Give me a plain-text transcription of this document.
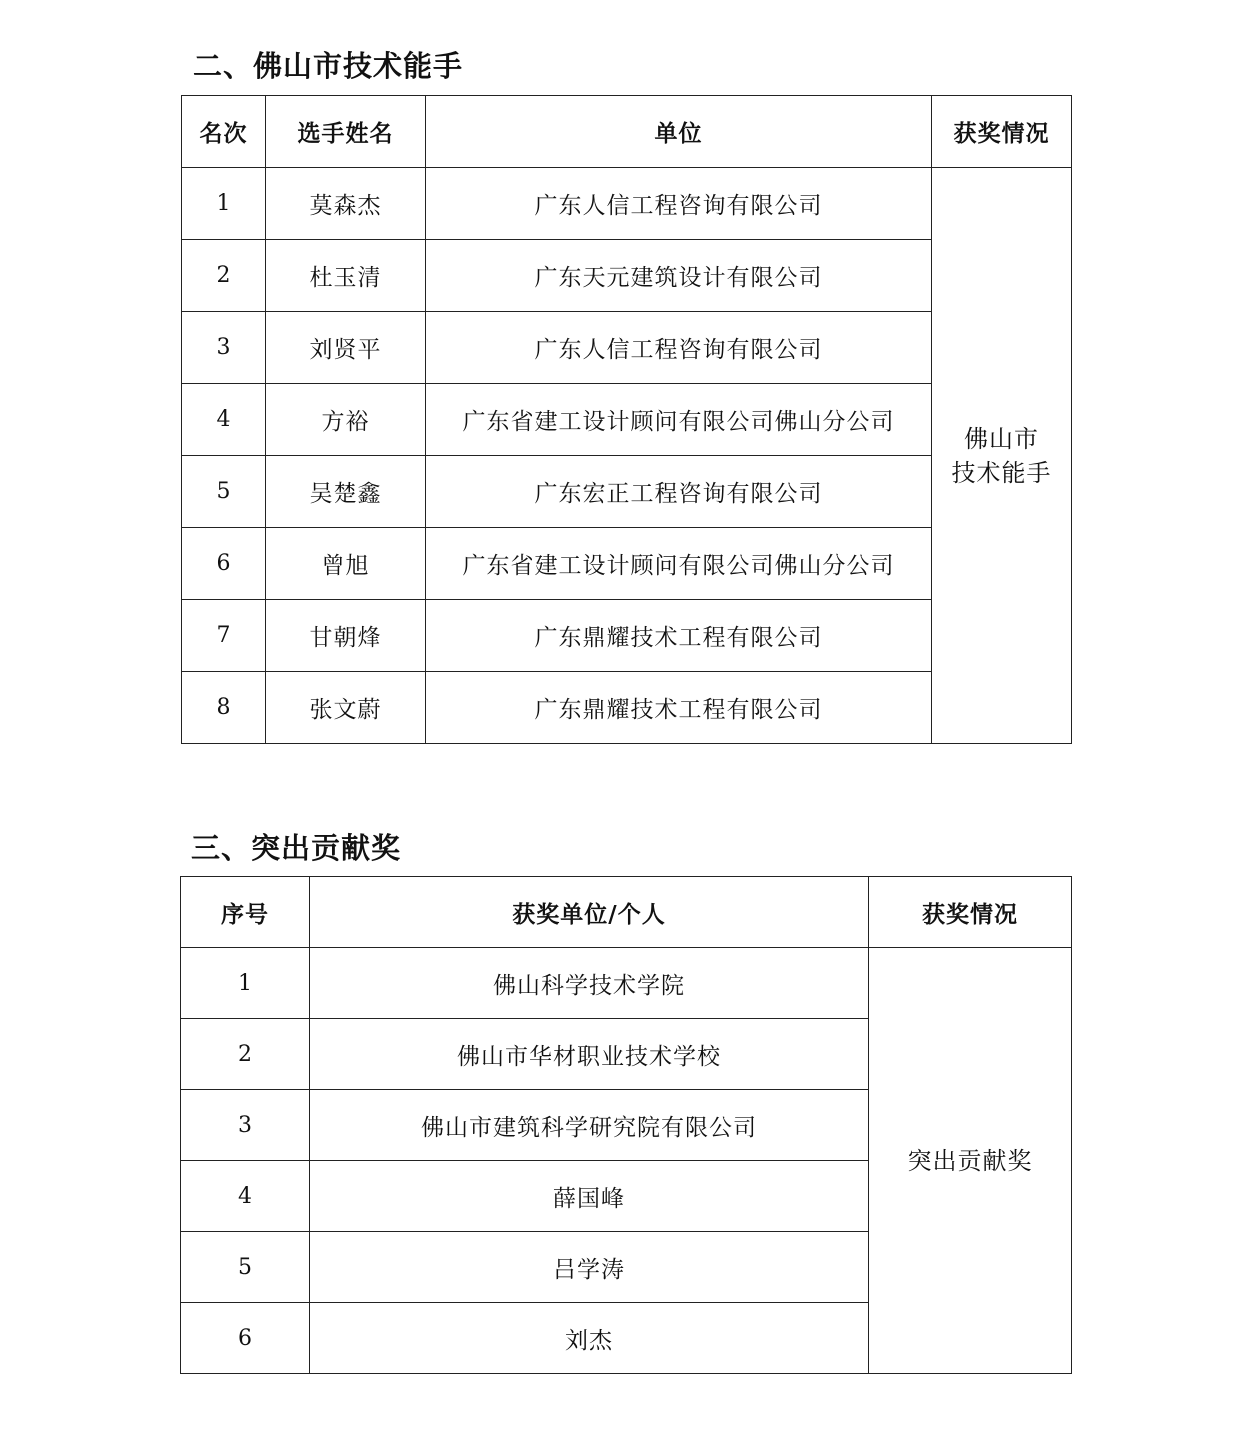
二、佛山市技术能手
名次	选手姓名	单位	获奖情况
1	莫森杰	广东人信工程咨询有限公司	佛山市
技术能手
2	杜玉清	广东天元建筑设计有限公司	
3	刘贤平	广东人信工程咨询有限公司	
4	方裕	广东省建工设计顾问有限公司佛山分公司	
5	吴楚鑫	广东宏正工程咨询有限公司	
6	曾旭	广东省建工设计顾问有限公司佛山分公司	
7	甘朝烽	广东鼎耀技术工程有限公司	
8	张文蔚	广东鼎耀技术工程有限公司	
三、突出贡献奖
序号	获奖单位/个人	获奖情况
1	佛山科学技术学院	突出贡献奖
2	佛山市华材职业技术学校	
3	佛山市建筑科学研究院有限公司	
4	薛国峰	
5	吕学涛	
6	刘杰	
